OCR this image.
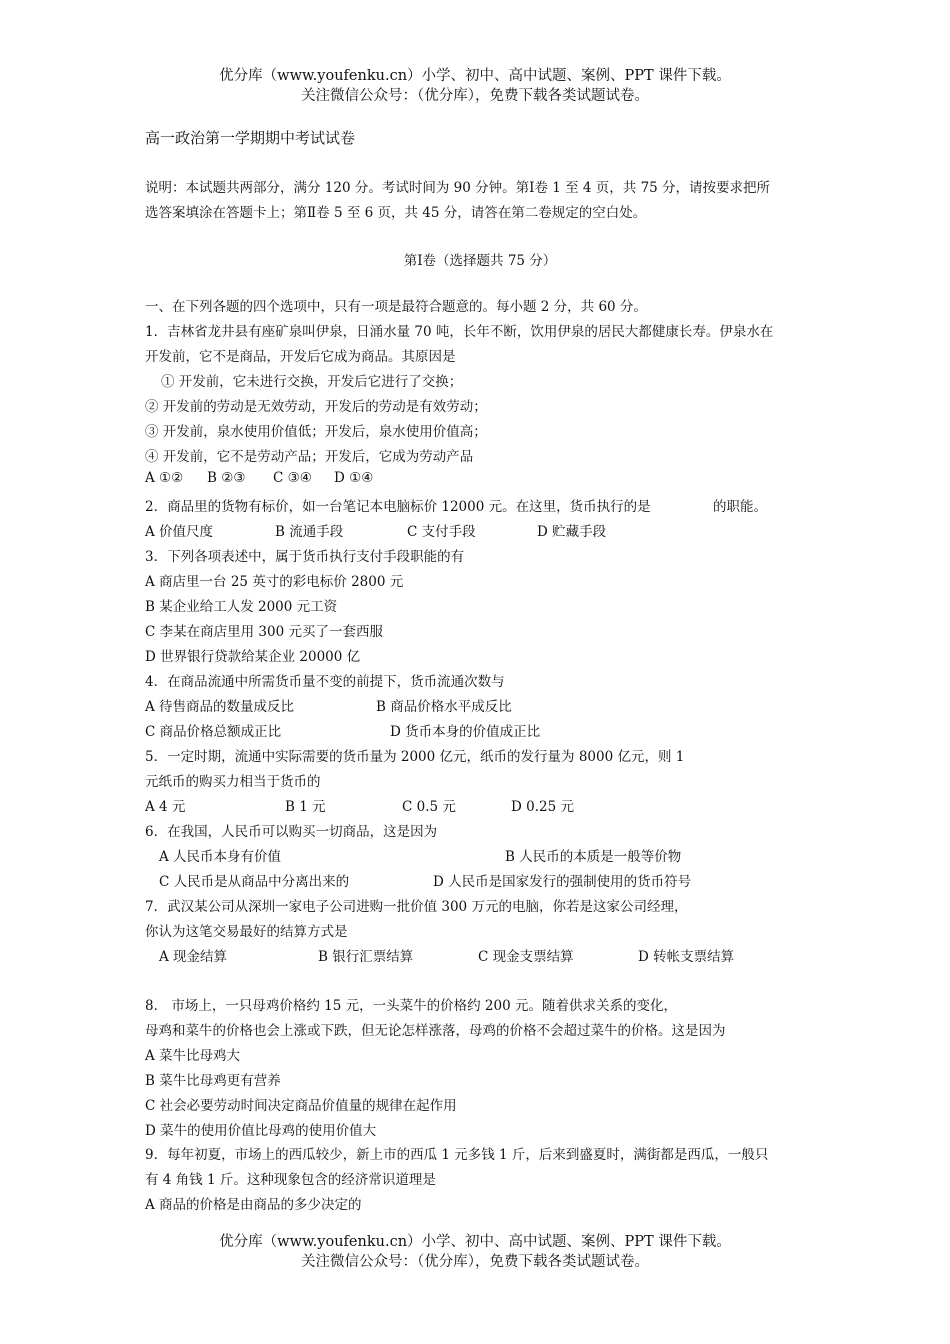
优分库（www.youfenku.cn）小学、初中、高中试题、案例、PPT 课件下载。
关注微信公众号：（优分库），免费下载各类试题试卷。
高一政治第一学期期中考试试卷
说明：本试题共两部分，满分 120 分。考试时间为 90 分钟。第Ⅰ卷 1 至 4 页，共 75 分，请按要求把所
选答案填涂在答题卡上；第Ⅱ卷 5 至 6 页，共 45 分，请答在第二卷规定的空白处。
第Ⅰ卷（选择题共 75 分）
一、在下列各题的四个选项中，只有一项是最符合题意的。每小题 2 分，共 60 分。
1．吉林省龙井县有座矿泉叫伊泉，日涌水量 70 吨，长年不断，饮用伊泉的居民大都健康长寿。伊泉水在
开发前，它不是商品，开发后它成为商品。其原因是
① 开发前，它未进行交换，开发后它进行了交换；
② 开发前的劳动是无效劳动，开发后的劳动是有效劳动；
③ 开发前，泉水使用价值低；开发后，泉水使用价值高；
④ 开发前，它不是劳动产品；开发后，它成为劳动产品
A ①② B ②③ C ③④ D ①④
2．商品里的货物有标价，如一台笔记本电脑标价 12000 元。在这里，货币执行的是	的职能。
A 价值尺度	B 流通手段	C 支付手段	D 贮藏手段
3．下列各项表述中，属于货币执行支付手段职能的有
A 商店里一台 25 英寸的彩电标价 2800 元
B 某企业给工人发 2000 元工资
C 李某在商店里用 300 元买了一套西服
D 世界银行贷款给某企业 20000 亿
4．在商品流通中所需货币量不变的前提下，货币流通次数与
A 待售商品的数量成反比	B 商品价格水平成反比
C 商品价格总额成正比	D 货币本身的价值成正比
5．一定时期，流通中实际需要的货币量为 2000 亿元，纸币的发行量为 8000 亿元，则 1
元纸币的购买力相当于货币的
A 4 元	B 1 元	C 0.5 元	D 0.25 元
6．在我国，人民币可以购买一切商品，这是因为
A 人民币本身有价值	B 人民币的本质是一般等价物
C 人民币是从商品中分离出来的	D 人民币是国家发行的强制使用的货币符号
7．武汉某公司从深圳一家电子公司进购一批价值 300 万元的电脑，你若是这家公司经理，
你认为这笔交易最好的结算方式是
A 现金结算	B 银行汇票结算	C 现金支票结算	D 转帐支票结算
8． 市场上，一只母鸡价格约 15 元，一头菜牛的价格约 200 元。随着供求关系的变化，
母鸡和菜牛的价格也会上涨或下跌，但无论怎样涨落，母鸡的价格不会超过菜牛的价格。这是因为
A 菜牛比母鸡大
B 菜牛比母鸡更有营养
C 社会必要劳动时间决定商品价值量的规律在起作用
D 菜牛的使用价值比母鸡的使用价值大
9．每年初夏，市场上的西瓜较少，新上市的西瓜 1 元多钱 1 斤，后来到盛夏时，满街都是西瓜，一般只
有 4 角钱 1 斤。这种现象包含的经济常识道理是
A 商品的价格是由商品的多少决定的
优分库（www.youfenku.cn）小学、初中、高中试题、案例、PPT 课件下载。
关注微信公众号：（优分库），免费下载各类试题试卷。
